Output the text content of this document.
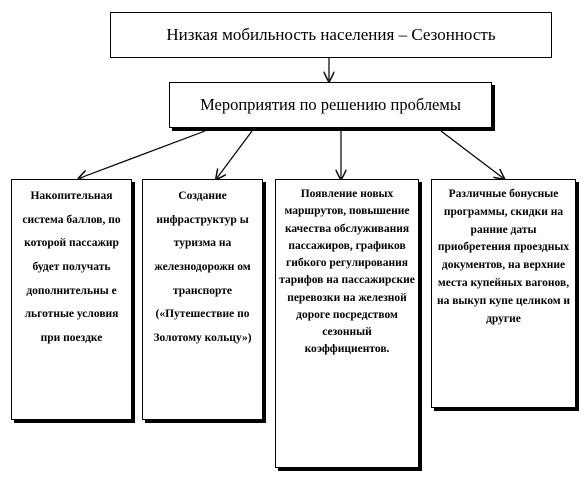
Низкая мобильность населения – Сезонность
Мероприятия по решению проблемы
Накопительная система баллов, по которой пассажир будет получать дополнительны е льготные условия при поездке
Создание инфраструктур ы туризма на железнодорожн ом транспорте («Путешествие по Золотому кольцу»)
Появление новых маршрутов, повышение качества обслуживания пассажиров, графиков гибкого регулирования тарифов на пассажирские перевозки на железной дороге посредством сезонный коэффициентов.
Различные бонусные программы, скидки на ранние даты приобретения проездных документов, на верхние места купейных вагонов, на выкуп купе целиком и другие
